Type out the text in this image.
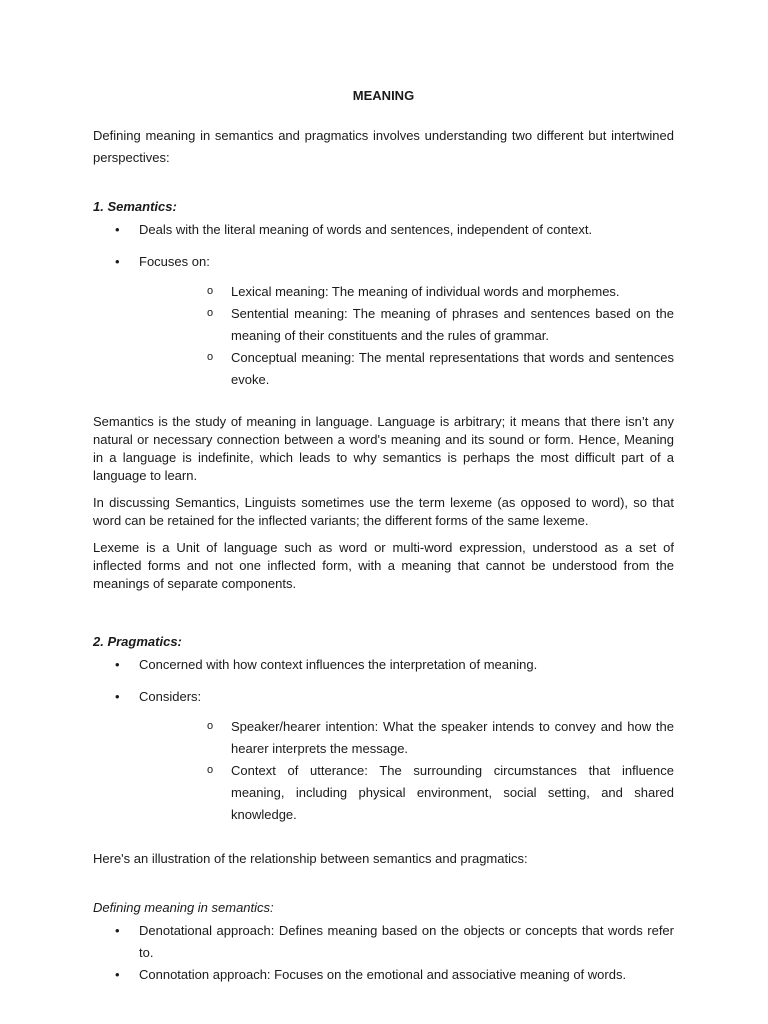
MEANING

Defining meaning in semantics and pragmatics involves understanding two different but intertwined perspectives:

1. Semantics:
• Deals with the literal meaning of words and sentences, independent of context.
• Focuses on:
o Lexical meaning: The meaning of individual words and morphemes.
o Sentential meaning: The meaning of phrases and sentences based on the meaning of their constituents and the rules of grammar.
o Conceptual meaning: The mental representations that words and sentences evoke.

Semantics is the study of meaning in language. Language is arbitrary; it means that there isn’t any natural or necessary connection between a word's meaning and its sound or form. Hence, Meaning in a language is indefinite, which leads to why semantics is perhaps the most difficult part of a language to learn.

In discussing Semantics, Linguists sometimes use the term lexeme (as opposed to word), so that word can be retained for the inflected variants; the different forms of the same lexeme.

Lexeme is a Unit of language such as word or multi-word expression, understood as a set of inflected forms and not one inflected form, with a meaning that cannot be understood from the meanings of separate components.

2. Pragmatics:
• Concerned with how context influences the interpretation of meaning.
• Considers:
o Speaker/hearer intention: What the speaker intends to convey and how the hearer interprets the message.
o Context of utterance: The surrounding circumstances that influence meaning, including physical environment, social setting, and shared knowledge.

Here's an illustration of the relationship between semantics and pragmatics:

Defining meaning in semantics:
• Denotational approach: Defines meaning based on the objects or concepts that words refer to.
• Connotation approach: Focuses on the emotional and associative meaning of words.
